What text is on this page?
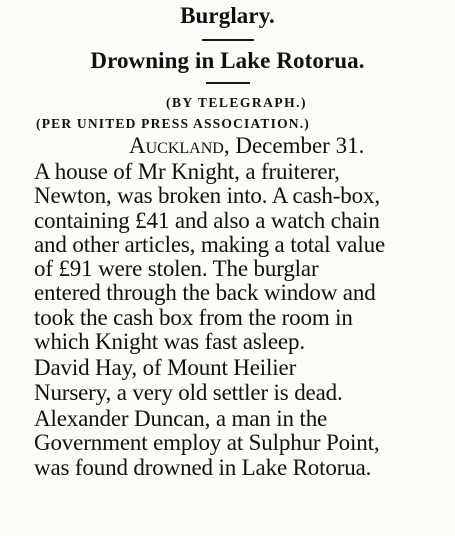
Burglary.
Drowning in Lake Rotorua.

(BY TELEGRAPH.)

(PER UNITED PRESS ASSOCIATION.)

Auckland, December 31.

A house of Mr Knight, a fruiterer,
Newton, was broken into. A cash-box,
containing £41 and also a watch chain
and other articles, making a total value
of £91 were stolen. The burglar
entered through the back window and
took the cash box from the room in
which Knight was fast asleep.

David Hay, of Mount Heilier
Nursery, a very old settler is dead.

Alexander Duncan, a man in the
Government employ at Sulphur Point,
was found drowned in Lake Rotorua.
